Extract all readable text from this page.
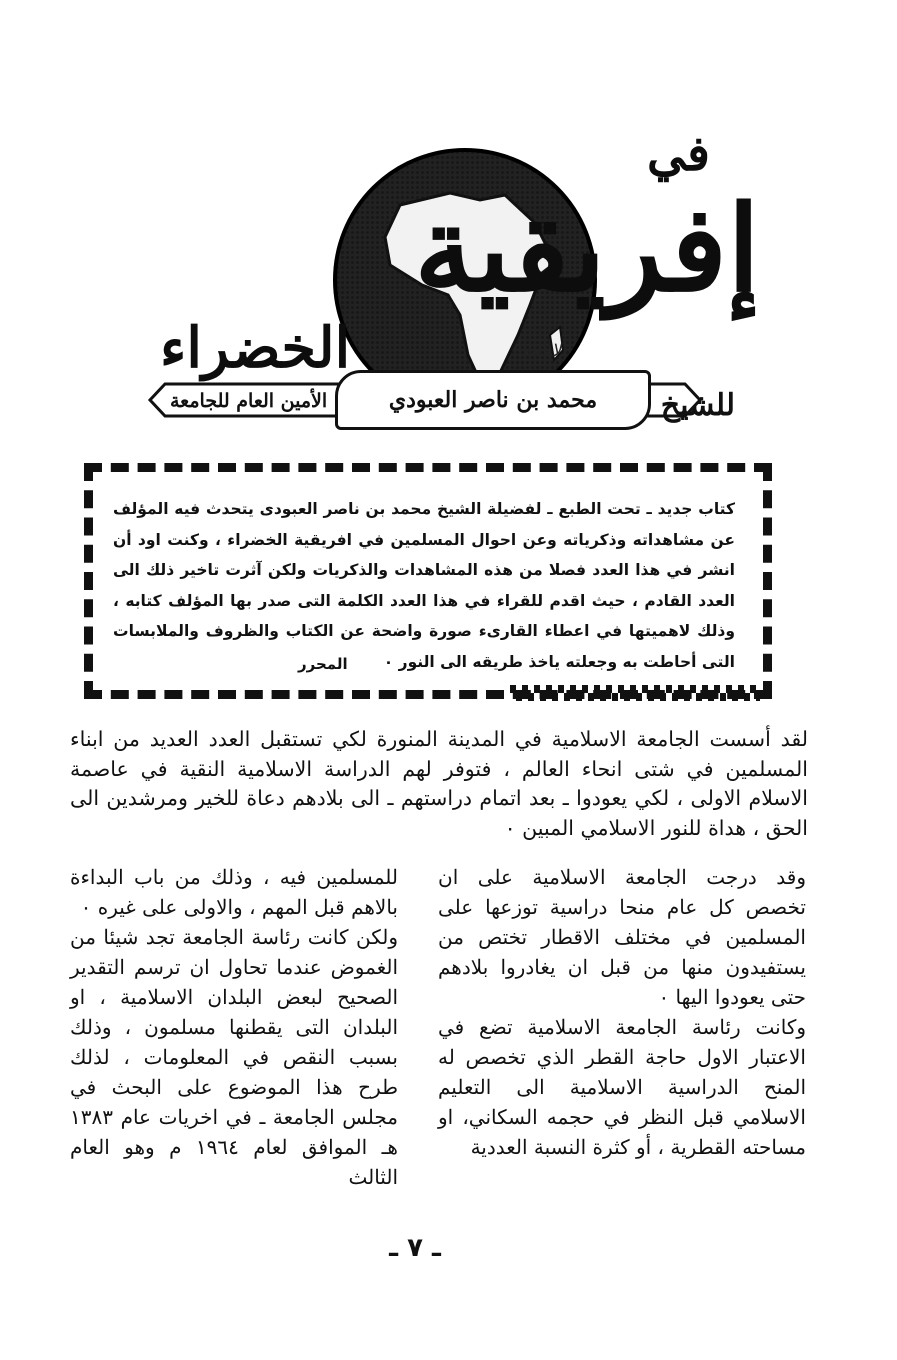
في
إفريقية
الخضراء	لاحمد
محمد بن ناصر العبودي	للشيخ
الأمين العام للجامعة

كتاب جديد ـ تحت الطبع ـ لفضيلة الشيخ محمد بن ناصر العبودى يتحدث فيه المؤلف عن مشاهداته وذكرياته وعن احوال المسلمين في افريقية الخضراء ، وكنت اود أن انشر في هذا العدد فصلا من هذه المشاهدات والذكريات ولكن آثرت تاخير ذلك الى العدد القادم ، حيث اقدم للقراء في هذا العدد الكلمة التى صدر بها المؤلف كتابه ، وذلك لاهميتها في اعطاء القارىء صورة واضحة عن الكتاب والظروف والملابسات التى أحاطت به وجعلته ياخذ طريقه الى النور ٠

المحرر

لقد أسست الجامعة الاسلامية في المدينة المنورة لكي تستقبل العدد العديد من ابناء المسلمين في شتى انحاء العالم ، فتوفر لهم الدراسة الاسلامية النقية في عاصمة الاسلام الاولى ، لكي يعودوا ـ بعد اتمام دراستهم ـ الى بلادهم دعاة للخير ومرشدين الى الحق ، هداة للنور الاسلامي المبين ٠

وقد درجت الجامعة الاسلامية على ان تخصص كل عام منحا دراسية توزعها على المسلمين في مختلف الاقطار تختص من يستفيدون منها من قبل ان يغادروا بلادهم حتى يعودوا اليها ٠

وكانت رئاسة الجامعة الاسلامية تضع في الاعتبار الاول حاجة القطر الذي تخصص له المنح الدراسية الاسلامية الى التعليم الاسلامي قبل النظر في حجمه السكاني، او مساحته القطرية ، أو كثرة النسبة العددية

للمسلمين فيه ، وذلك من باب البداءة بالاهم قبل المهم ، والاولى على غيره ٠

ولكن كانت رئاسة الجامعة تجد شيئا من الغموض عندما تحاول ان ترسم التقدير الصحيح لبعض البلدان الاسلامية ، او البلدان التى يقطنها مسلمون ، وذلك بسبب النقص في المعلومات ، لذلك طرح هذا الموضوع على البحث في مجلس الجامعة ـ في اخريات عام ١٣٨٣ هـ الموافق لعام ١٩٦٤ م وهو العام الثالث

ـ ٧ ـ
